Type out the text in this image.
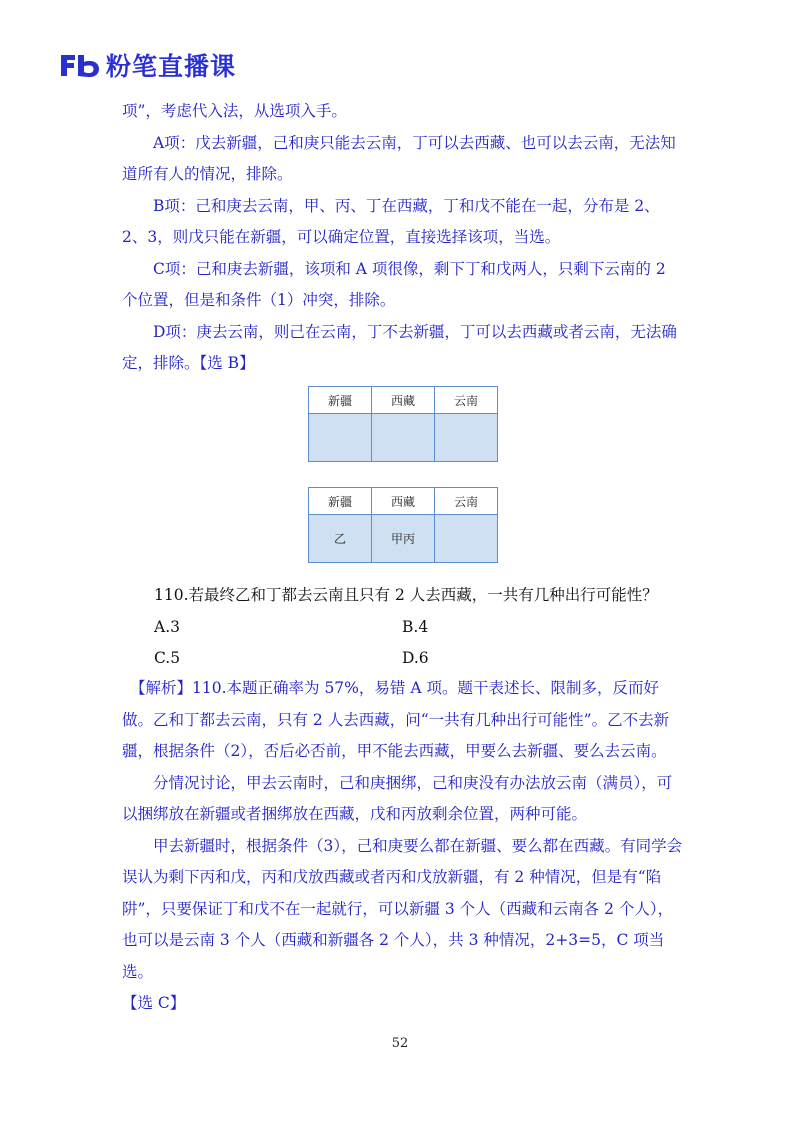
粉笔直播课

项”，考虑代入法，从选项入手。

A项：戊去新疆，己和庚只能去云南，丁可以去西藏、也可以去云南，无法知道所有人的情况，排除。

B项：己和庚去云南，甲、丙、丁在西藏，丁和戊不能在一起，分布是 2、2、3，则戊只能在新疆，可以确定位置，直接选择该项，当选。

C项：己和庚去新疆，该项和 A 项很像，剩下丁和戊两人，只剩下云南的 2 个位置，但是和条件（1）冲突，排除。

D项：庚去云南，则己在云南，丁不去新疆，丁可以去西藏或者云南，无法确定，排除。【选 B】

新疆	西藏	云南

新疆	西藏	云南
乙	甲丙	

110.若最终乙和丁都去云南且只有 2 人去西藏，一共有几种出行可能性？

A.3	B.4
C.5	D.6

【解析】110.本题正确率为 57%，易错 A 项。题干表述长、限制多，反而好做。乙和丁都去云南，只有 2 人去西藏，问“一共有几种出行可能性”。乙不去新疆，根据条件（2），否后必否前，甲不能去西藏，甲要么去新疆、要么去云南。

分情况讨论，甲去云南时，己和庚捆绑，己和庚没有办法放云南（满员），可以捆绑放在新疆或者捆绑放在西藏，戊和丙放剩余位置，两种可能。

甲去新疆时，根据条件（3），己和庚要么都在新疆、要么都在西藏。有同学会误认为剩下丙和戊，丙和戊放西藏或者丙和戊放新疆，有 2 种情况，但是有“陷阱”，只要保证丁和戊不在一起就行，可以新疆 3 个人（西藏和云南各 2 个人），也可以是云南 3 个人（西藏和新疆各 2 个人），共 3 种情况，2+3=5，C 项当选。

【选 C】

52
